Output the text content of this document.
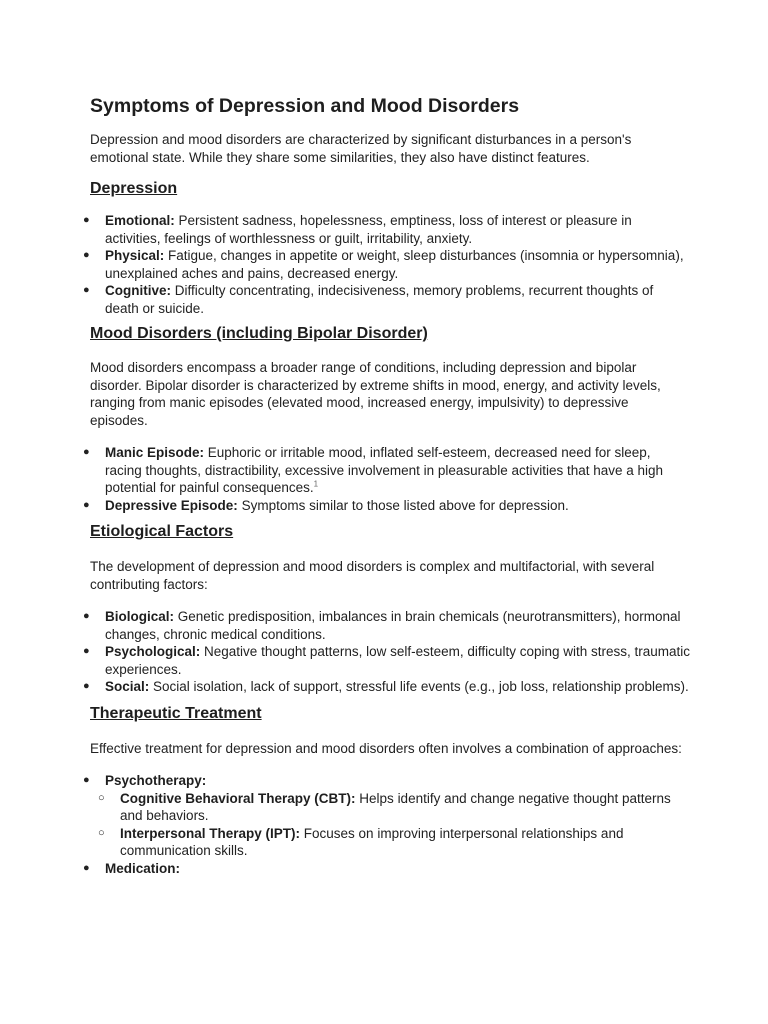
Symptoms of Depression and Mood Disorders

Depression and mood disorders are characterized by significant disturbances in a person's emotional state. While they share some similarities, they also have distinct features.

Depression
● Emotional: Persistent sadness, hopelessness, emptiness, loss of interest or pleasure in activities, feelings of worthlessness or guilt, irritability, anxiety.
● Physical: Fatigue, changes in appetite or weight, sleep disturbances (insomnia or hypersomnia), unexplained aches and pains, decreased energy.
● Cognitive: Difficulty concentrating, indecisiveness, memory problems, recurrent thoughts of death or suicide.
Mood Disorders (including Bipolar Disorder)

Mood disorders encompass a broader range of conditions, including depression and bipolar disorder. Bipolar disorder is characterized by extreme shifts in mood, energy, and activity levels, ranging from manic episodes (elevated mood, increased energy, impulsivity) to depressive episodes.

● Manic Episode: Euphoric or irritable mood, inflated self-esteem, decreased need for sleep, racing thoughts, distractibility, excessive involvement in pleasurable activities that have a high potential for painful consequences.$^1$
● Depressive Episode: Symptoms similar to those listed above for depression.
Etiological Factors

The development of depression and mood disorders is complex and multifactorial, with several contributing factors:

● Biological: Genetic predisposition, imbalances in brain chemicals (neurotransmitters), hormonal changes, chronic medical conditions.
● Psychological: Negative thought patterns, low self-esteem, difficulty coping with stress, traumatic experiences.
● Social: Social isolation, lack of support, stressful life events (e.g., job loss, relationship problems).
Therapeutic Treatment

Effective treatment for depression and mood disorders often involves a combination of approaches:

● Psychotherapy:
○ Cognitive Behavioral Therapy (CBT): Helps identify and change negative thought patterns and behaviors.
○ Interpersonal Therapy (IPT): Focuses on improving interpersonal relationships and communication skills.
● Medication:
